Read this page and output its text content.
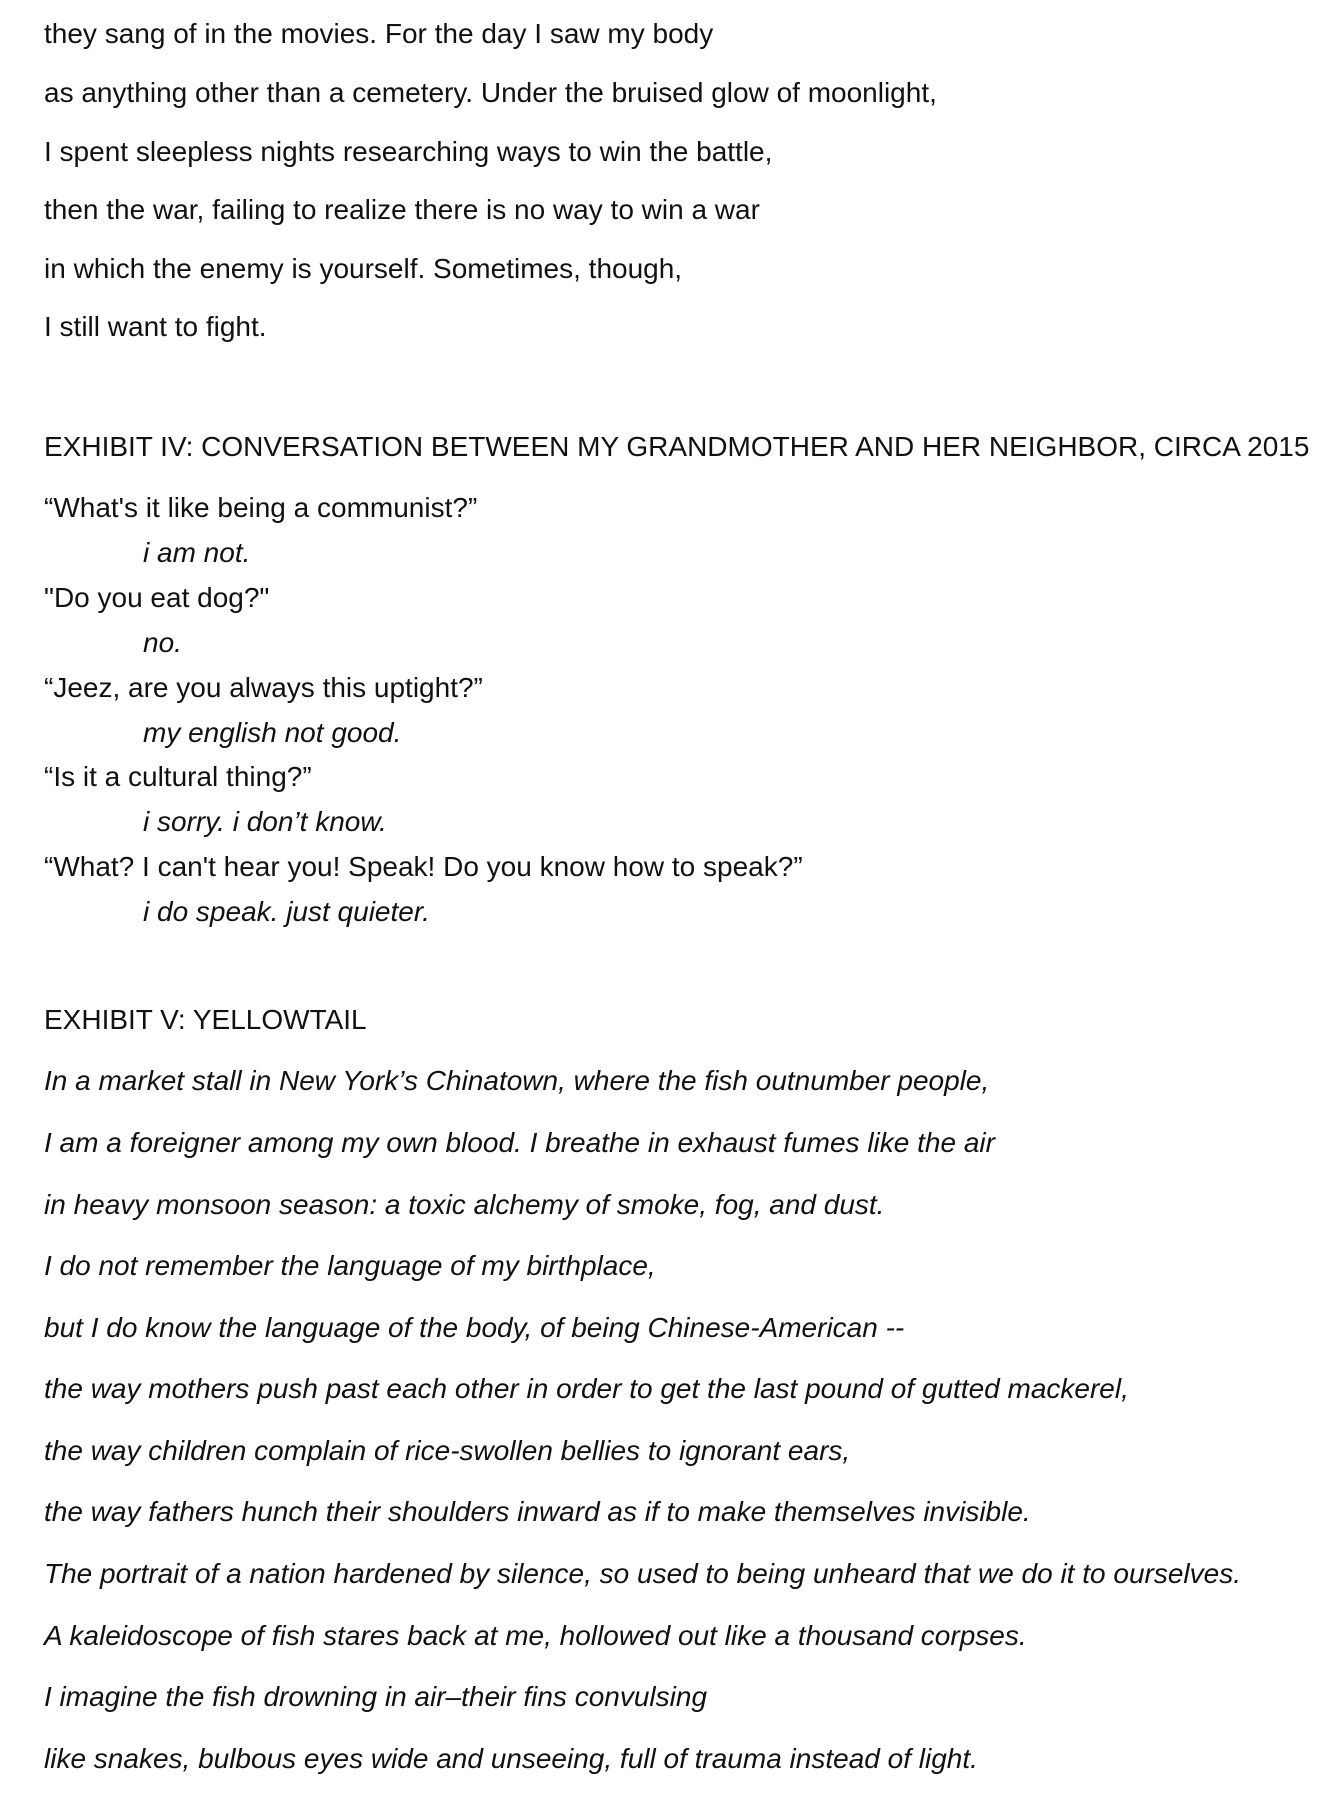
they sang of in the movies. For the day I saw my body
as anything other than a cemetery. Under the bruised glow of moonlight,
I spent sleepless nights researching ways to win the battle,
then the war, failing to realize there is no way to win a war
in which the enemy is yourself. Sometimes, though,
I still want to fight.
EXHIBIT IV: CONVERSATION BETWEEN MY GRANDMOTHER AND HER NEIGHBOR, CIRCA 2015
“What's it like being a communist?”
i am not.
"Do you eat dog?"
no.
“Jeez, are you always this uptight?”
my english not good.
“Is it a cultural thing?”
i sorry. i don’t know.
“What? I can't hear you! Speak! Do you know how to speak?”
i do speak. just quieter.
EXHIBIT V: YELLOWTAIL
In a market stall in New York’s Chinatown, where the fish outnumber people,
I am a foreigner among my own blood. I breathe in exhaust fumes like the air
in heavy monsoon season: a toxic alchemy of smoke, fog, and dust.
I do not remember the language of my birthplace,
but I do know the language of the body, of being Chinese-American --
the way mothers push past each other in order to get the last pound of gutted mackerel,
the way children complain of rice-swollen bellies to ignorant ears,
the way fathers hunch their shoulders inward as if to make themselves invisible.
The portrait of a nation hardened by silence, so used to being unheard that we do it to ourselves.
A kaleidoscope of fish stares back at me, hollowed out like a thousand corpses.
I imagine the fish drowning in air–their fins convulsing
like snakes, bulbous eyes wide and unseeing, full of trauma instead of light.
